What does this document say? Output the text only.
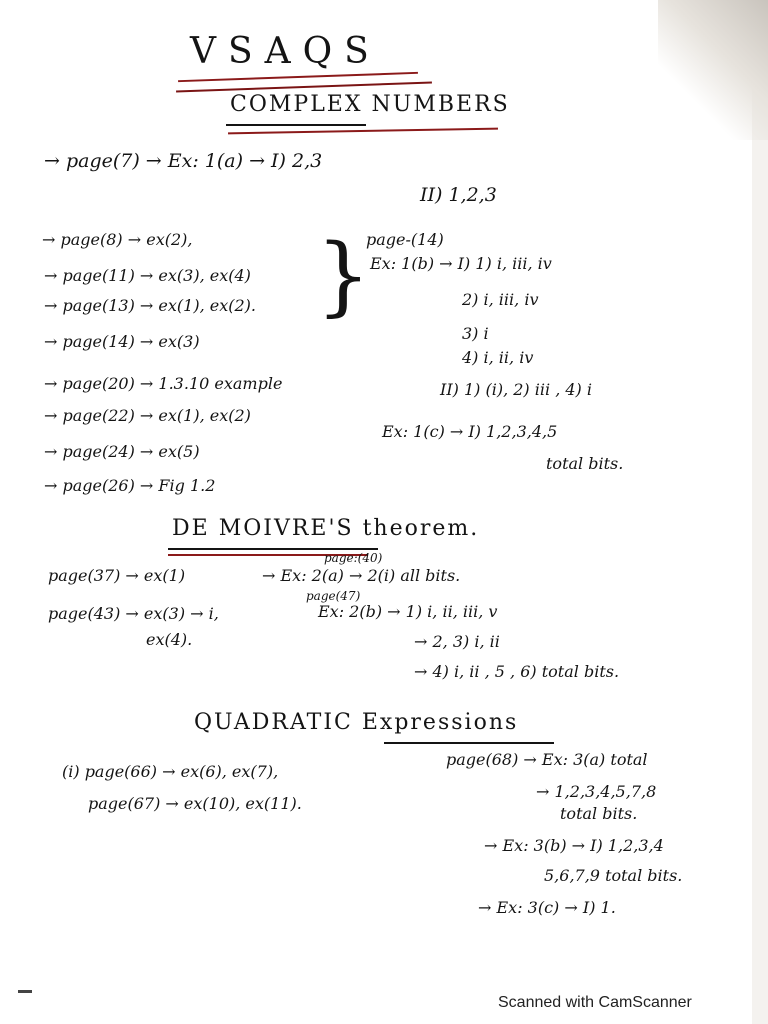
VSAQS
COMPLEX NUMBERS
→ page(7) → Ex: 1(a) → I) 2,3
II) 1,2,3
→ page(8) → ex(2),
→ page(11) → ex(3), ex(4)
→ page(13) → ex(1), ex(2).
→ page(14) → ex(3)
→ page(20) → 1.3.10 example
→ page(22) → ex(1), ex(2)
→ page(24) → ex(5)
→ page(26) → Fig 1.2
}
page-(14)
Ex: 1(b) → I) 1) i, iii, iv
2) i, iii, iv
3) i
4) i, ii, iv
II) 1) (i), 2) iii , 4) i
Ex: 1(c) → I) 1,2,3,4,5
total bits.
DE MOIVRE'S theorem.
page(37) → ex(1)
page(43) → ex(3) → i,
ex(4).
page:(40)
→ Ex: 2(a) → 2(i) all bits.
page(47)
Ex: 2(b) → 1) i, ii, iii, v
→ 2, 3) i, ii
→ 4) i, ii , 5 , 6) total bits.
QUADRATIC Expressions
(i) page(66) → ex(6), ex(7),
page(67) → ex(10), ex(11).
page(68) → Ex: 3(a) total
→ 1,2,3,4,5,7,8
total bits.
→ Ex: 3(b) → I) 1,2,3,4
5,6,7,9 total bits.
→ Ex: 3(c) → I) 1.
Scanned with CamScanner
